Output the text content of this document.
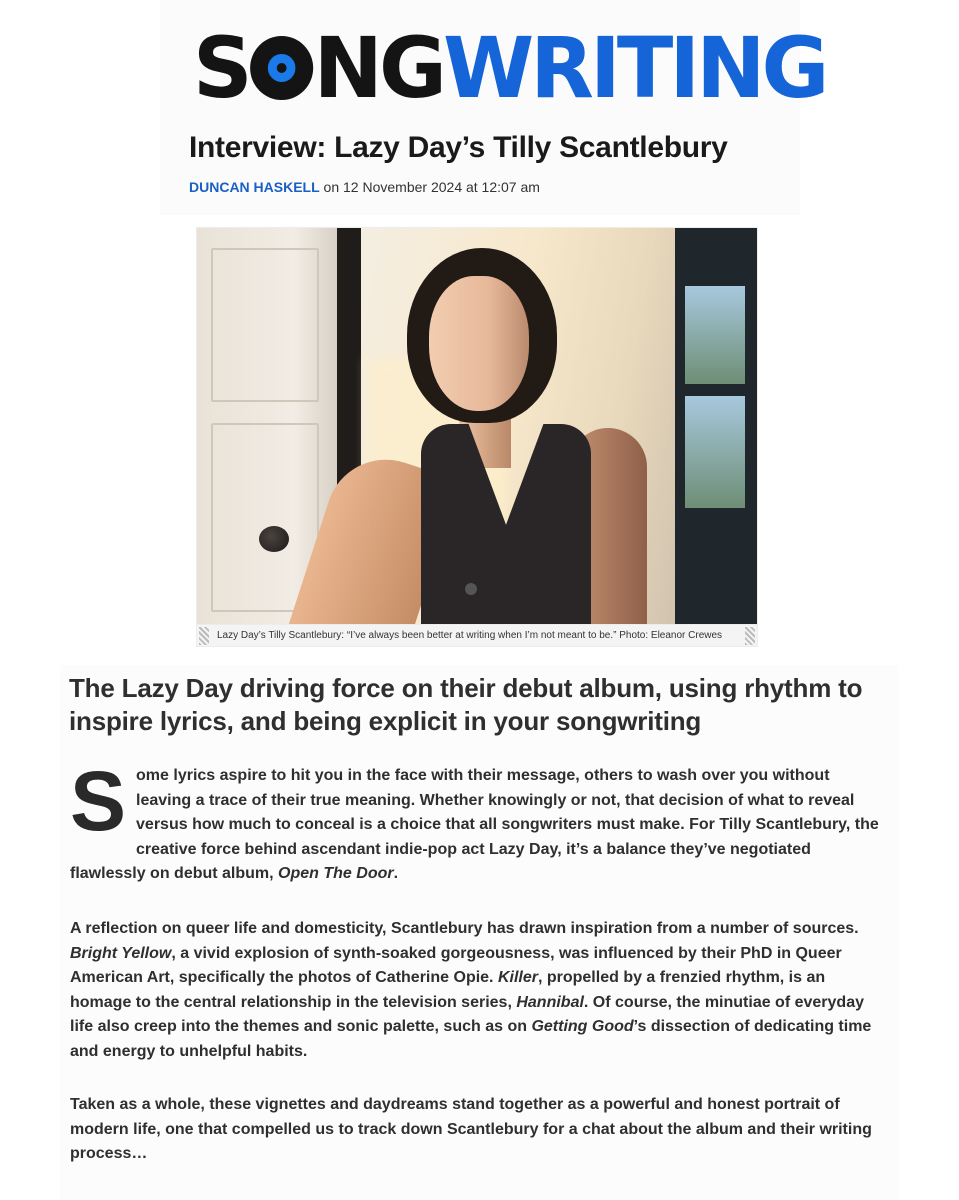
S NG WRITING
Interview: Lazy Day’s Tilly Scantlebury
DUNCAN HASKELL on 12 November 2024 at 12:07 am
Lazy Day’s Tilly Scantlebury: “I’ve always been better at writing when I’m not meant to be.” Photo: Eleanor Crewes
The Lazy Day driving force on their debut album, using rhythm to inspire lyrics, and being explicit in your songwriting

Some lyrics aspire to hit you in the face with their message, others to wash over you without leaving a trace of their true meaning. Whether knowingly or not, that decision of what to reveal versus how much to conceal is a choice that all songwriters must make. For Tilly Scantlebury, the creative force behind ascendant indie-pop act Lazy Day, it’s a balance they’ve negotiated flawlessly on debut album, Open The Door.

A reflection on queer life and domesticity, Scantlebury has drawn inspiration from a number of sources. Bright Yellow, a vivid explosion of synth-soaked gorgeousness, was influenced by their PhD in Queer American Art, specifically the photos of Catherine Opie. Killer, propelled by a frenzied rhythm, is an homage to the central relationship in the television series, Hannibal. Of course, the minutiae of everyday life also creep into the themes and sonic palette, such as on Getting Good’s dissection of dedicating time and energy to unhelpful habits.

Taken as a whole, these vignettes and daydreams stand together as a powerful and honest portrait of modern life, one that compelled us to track down Scantlebury for a chat about the album and their writing process…
